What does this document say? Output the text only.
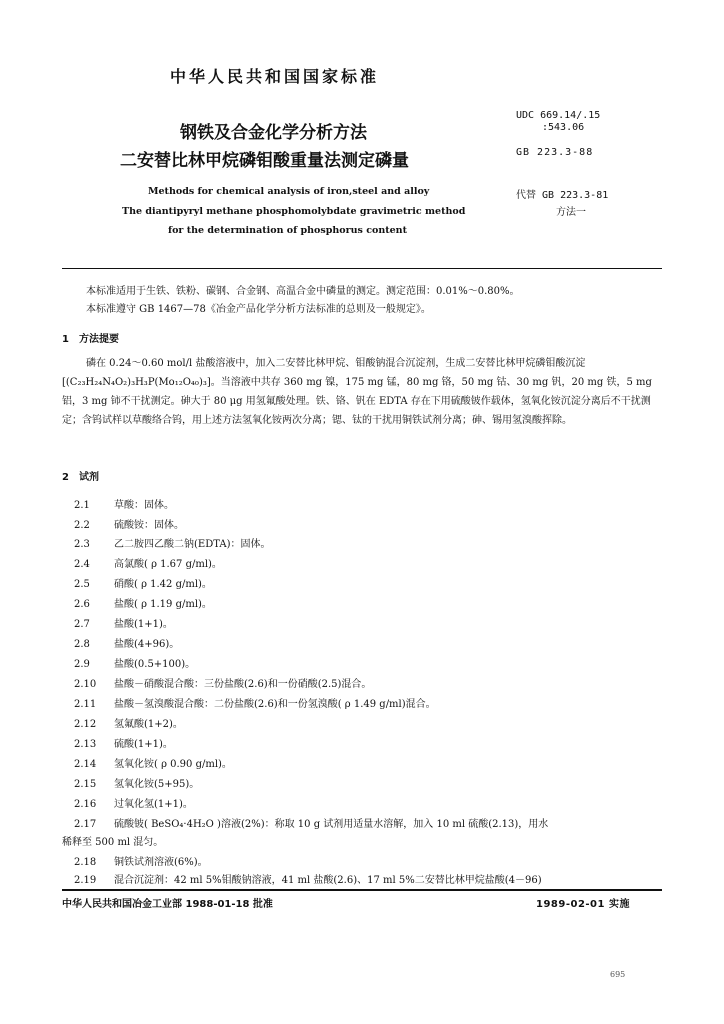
中华人民共和国国家标准
钢铁及合金化学分析方法
二安替比林甲烷磷钼酸重量法测定磷量
UDC 669.14/.15
:543.06
GB 223.3-88
Methods for chemical analysis of iron,steel and alloy
The diantipyryl methane phosphomolybdate gravimetric method
for the determination of phosphorus content
代替 GB 223.3-81
方法一
本标准适用于生铁、铁粉、碳钢、合金钢、高温合金中磷量的测定。测定范围：0.01%～0.80%。
本标准遵守 GB 1467—78《冶金产品化学分析方法标准的总则及一般规定》。
1　方法提要
磷在 0.24～0.60 mol/l 盐酸溶液中，加入二安替比林甲烷、钼酸钠混合沉淀剂，生成二安替比林甲烷磷钼酸沉淀[(C₂₃H₂₄N₄O₂)₃H₃P(Mo₁₂O₄₀)₃]。当溶液中共存 360 mg 镍，175 mg 锰，80 mg 铬，50 mg 钴、30 mg 钒，20 mg 铁，5 mg 铝，3 mg 铈不干扰测定。砷大于 80 μg 用氢氟酸处理。铁、铬、钒在 EDTA 存在下用硫酸铍作载体，氢氧化铵沉淀分离后不干扰测定；含钨试样以草酸络合钨，用上述方法氢氧化铵两次分离；锶、钛的干扰用铜铁试剂分离；砷、锡用氢溴酸挥除。
2　试剂
2.1 草酸：固体。
2.2 硫酸铵：固体。
2.3 乙二胺四乙酸二钠(EDTA)：固体。
2.4 高氯酸( ρ 1.67 g/ml)。
2.5 硝酸( ρ 1.42 g/ml)。
2.6 盐酸( ρ 1.19 g/ml)。
2.7 盐酸(1+1)。
2.8 盐酸(4+96)。
2.9 盐酸(0.5+100)。
2.10 盐酸－硝酸混合酸：三份盐酸(2.6)和一份硝酸(2.5)混合。
2.11 盐酸－氢溴酸混合酸：二份盐酸(2.6)和一份氢溴酸( ρ 1.49 g/ml)混合。
2.12 氢氟酸(1+2)。
2.13 硫酸(1+1)。
2.14 氢氧化铵( ρ 0.90 g/ml)。
2.15 氢氧化铵(5+95)。
2.16 过氧化氢(1+1)。
2.17 硫酸铍( BeSO₄·4H₂O )溶液(2%)：称取 10 g 试剂用适量水溶解，加入 10 ml 硫酸(2.13)，用水
稀释至 500 ml 混匀。
2.18 铜铁试剂溶液(6%)。
2.19 混合沉淀剂：42 ml 5%钼酸钠溶液，41 ml 盐酸(2.6)、17 ml 5%二安替比林甲烷盐酸(4－96)
中华人民共和国冶金工业部 1988-01-18 批准	1989-02-01 实施
695
